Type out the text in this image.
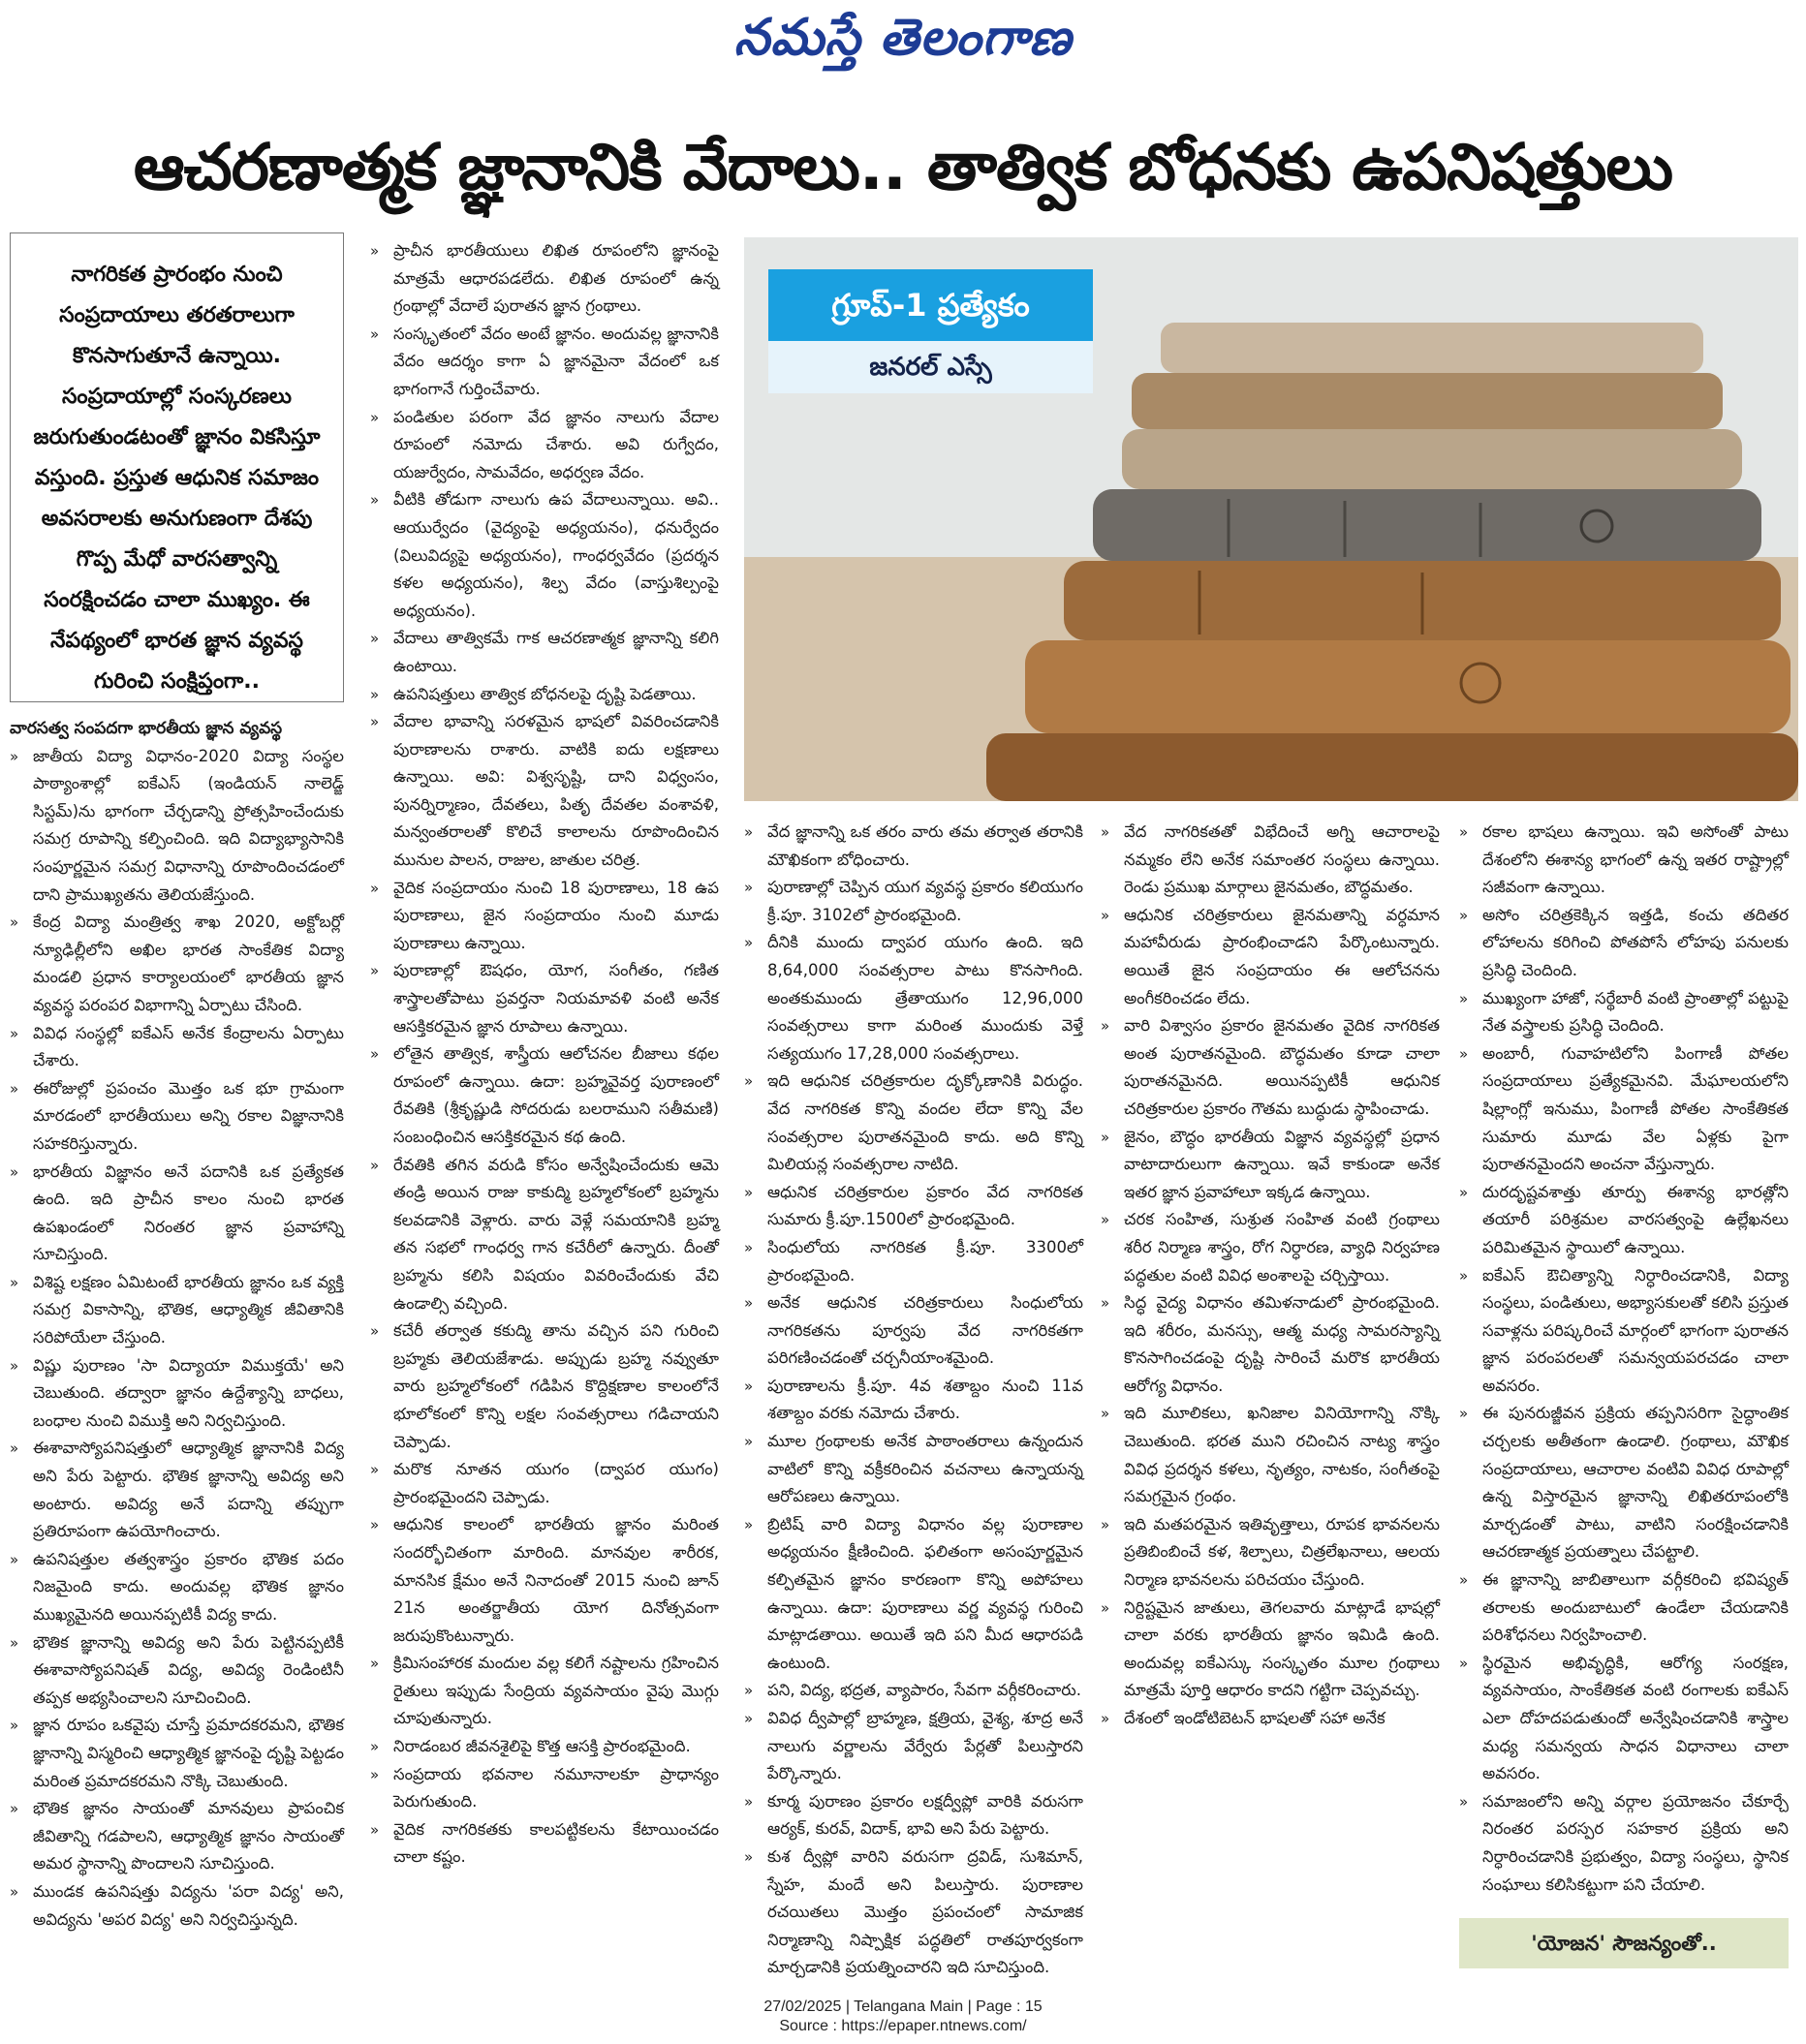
నమస్తే తెలంగాణ
ఆచరణాత్మక జ్ఞానానికి వేదాలు.. తాత్విక బోధనకు ఉపనిషత్తులు

నాగరికత ప్రారంభం నుంచి సంప్రదాయాలు తరతరాలుగా కొనసాగుతూనే ఉన్నాయి. సంప్రదాయాల్లో సంస్కరణలు జరుగుతుండటంతో జ్ఞానం వికసిస్తూ వస్తుంది. ప్రస్తుత ఆధునిక సమాజం అవసరాలకు అనుగుణంగా దేశపు గొప్ప మేధో వారసత్వాన్ని సంరక్షించడం చాలా ముఖ్యం. ఈ నేపథ్యంలో భారత జ్ఞాన వ్యవస్థ గురించి సంక్షిప్తంగా..

గ్రూప్-1 ప్రత్యేకం
జనరల్ ఎస్సే
వారసత్వ సంపదగా భారతీయ జ్ఞాన వ్యవస్థ
» జాతీయ విద్యా విధానం-2020 విద్యా సంస్థల పాఠ్యాంశాల్లో ఐకేఎస్ (ఇండియన్ నాలెడ్జ్ సిస్టమ్)ను భాగంగా చేర్చడాన్ని ప్రోత్సహించేందుకు సమగ్ర రూపాన్ని కల్పించింది. ఇది విద్యాభ్యాసానికి సంపూర్ణమైన సమగ్ర విధానాన్ని రూపొందించడంలో దాని ప్రాముఖ్యతను తెలియజేస్తుంది.
» కేంద్ర విద్యా మంత్రిత్వ శాఖ 2020, అక్టోబర్లో న్యూఢిల్లీలోని అఖిల భారత సాంకేతిక విద్యా మండలి ప్రధాన కార్యాలయంలో భారతీయ జ్ఞాన వ్యవస్థ పరంపర విభాగాన్ని ఏర్పాటు చేసింది.
» వివిధ సంస్థల్లో ఐకేఎస్ అనేక కేంద్రాలను ఏర్పాటు చేశారు.
» ఈరోజుల్లో ప్రపంచం మొత్తం ఒక భూ గ్రామంగా మారడంలో భారతీయులు అన్ని రకాల విజ్ఞానానికి సహకరిస్తున్నారు.
» భారతీయ విజ్ఞానం అనే పదానికి ఒక ప్రత్యేకత ఉంది. ఇది ప్రాచీన కాలం నుంచి భారత ఉపఖండంలో నిరంతర జ్ఞాన ప్రవాహాన్ని సూచిస్తుంది.
» విశిష్ట లక్షణం ఏమిటంటే భారతీయ జ్ఞానం ఒక వ్యక్తి సమగ్ర వికాసాన్ని, భౌతిక, ఆధ్యాత్మిక జీవితానికి సరిపోయేలా చేస్తుంది.
» విష్ణు పురాణం 'సా విద్యాయా విముక్తయే' అని చెబుతుంది. తద్వారా జ్ఞానం ఉద్దేశ్యాన్ని బాధలు, బంధాల నుంచి విముక్తి అని నిర్వచిస్తుంది.
» ఈశావాస్యోపనిషత్తులో ఆధ్యాత్మిక జ్ఞానానికి విద్య అని పేరు పెట్టారు. భౌతిక జ్ఞానాన్ని అవిద్య అని అంటారు. అవిద్య అనే పదాన్ని తప్పుగా ప్రతిరూపంగా ఉపయోగించారు.
» ఉపనిషత్తుల తత్వశాస్త్రం ప్రకారం భౌతిక పదం నిజమైంది కాదు. అందువల్ల భౌతిక జ్ఞానం ముఖ్యమైనది అయినప్పటికీ విద్య కాదు.
» భౌతిక జ్ఞానాన్ని అవిద్య అని పేరు పెట్టినప్పటికీ ఈశావాస్యోపనిషత్ విద్య, అవిద్య రెండింటినీ తప్పక అభ్యసించాలని సూచించింది.
» జ్ఞాన రూపం ఒకవైపు చూస్తే ప్రమాదకరమని, భౌతిక జ్ఞానాన్ని విస్మరించి ఆధ్యాత్మిక జ్ఞానంపై దృష్టి పెట్టడం మరింత ప్రమాదకరమని నొక్కి చెబుతుంది.
» భౌతిక జ్ఞానం సాయంతో మానవులు ప్రాపంచిక జీవితాన్ని గడపాలని, ఆధ్యాత్మిక జ్ఞానం సాయంతో అమర స్థానాన్ని పొందాలని సూచిస్తుంది.
» ముండక ఉపనిషత్తు విద్యను 'పరా విద్య' అని, అవిద్యను 'అపర విద్య' అని నిర్వచిస్తున్నది.
» ప్రాచీన భారతీయులు లిఖిత రూపంలోని జ్ఞానంపై మాత్రమే ఆధారపడలేదు. లిఖిత రూపంలో ఉన్న గ్రంథాల్లో వేదాలే పురాతన జ్ఞాన గ్రంథాలు.
» సంస్కృతంలో వేదం అంటే జ్ఞానం. అందువల్ల జ్ఞానానికి వేదం ఆదర్శం కాగా ఏ జ్ఞానమైనా వేదంలో ఒక భాగంగానే గుర్తించేవారు.
» పండితుల పరంగా వేద జ్ఞానం నాలుగు వేదాల రూపంలో నమోదు చేశారు. అవి రుగ్వేదం, యజుర్వేదం, సామవేదం, అధర్వణ వేదం.
» వీటికి తోడుగా నాలుగు ఉప వేదాలున్నాయి. అవి.. ఆయుర్వేదం (వైద్యంపై అధ్యయనం), ధనుర్వేదం (విలువిద్యపై అధ్యయనం), గాంధర్వవేదం (ప్రదర్శన కళల అధ్యయనం), శిల్ప వేదం (వాస్తుశిల్పంపై అధ్యయనం).
» వేదాలు తాత్వికమే గాక ఆచరణాత్మక జ్ఞానాన్ని కలిగి ఉంటాయి.
» ఉపనిషత్తులు తాత్విక బోధనలపై దృష్టి పెడతాయి.
» వేదాల భావాన్ని సరళమైన భాషలో వివరించడానికి పురాణాలను రాశారు. వాటికి ఐదు లక్షణాలు ఉన్నాయి. అవి: విశ్వసృష్టి, దాని విధ్వంసం, పునర్నిర్మాణం, దేవతలు, పితృ దేవతల వంశావళి, మన్వంతరాలతో కొలిచే కాలాలను రూపొందించిన మునుల పాలన, రాజుల, జాతుల చరిత్ర.
» వైదిక సంప్రదాయం నుంచి 18 పురాణాలు, 18 ఉప పురాణాలు, జైన సంప్రదాయం నుంచి మూడు పురాణాలు ఉన్నాయి.
» పురాణాల్లో ఔషధం, యోగ, సంగీతం, గణిత శాస్త్రాలతోపాటు ప్రవర్తనా నియమావళి వంటి అనేక ఆసక్తికరమైన జ్ఞాన రూపాలు ఉన్నాయి.
» లోతైన తాత్విక, శాస్త్రీయ ఆలోచనల బీజాలు కథల రూపంలో ఉన్నాయి. ఉదా: బ్రహ్మవైవర్త పురాణంలో రేవతికి (శ్రీకృష్ణుడి సోదరుడు బలరాముని సతీమణి) సంబంధించిన ఆసక్తికరమైన కథ ఉంది.
» రేవతికి తగిన వరుడి కోసం అన్వేషించేందుకు ఆమె తండ్రి అయిన రాజు కాకుద్మి బ్రహ్మలోకంలో బ్రహ్మను కలవడానికి వెళ్లారు. వారు వెళ్లే సమయానికి బ్రహ్మ తన సభలో గాంధర్వ గాన కచేరీలో ఉన్నారు. దీంతో బ్రహ్మను కలిసి విషయం వివరించేందుకు వేచి ఉండాల్సి వచ్చింది.
» కచేరీ తర్వాత కకుద్మి తాను వచ్చిన పని గురించి బ్రహ్మకు తెలియజేశాడు. అప్పుడు బ్రహ్మ నవ్వుతూ వారు బ్రహ్మలోకంలో గడిపిన కొద్దిక్షణాల కాలంలోనే భూలోకంలో కొన్ని లక్షల సంవత్సరాలు గడిచాయని చెప్పాడు.
» మరొక నూతన యుగం (ద్వాపర యుగం) ప్రారంభమైందని చెప్పాడు.
» ఆధునిక కాలంలో భారతీయ జ్ఞానం మరింత సందర్భోచితంగా మారింది. మానవుల శారీరక, మానసిక క్షేమం అనే నినాదంతో 2015 నుంచి జూన్ 21న అంతర్జాతీయ యోగ దినోత్సవంగా జరుపుకొంటున్నారు.
» క్రిమిసంహారక మందుల వల్ల కలిగే నష్టాలను గ్రహించిన రైతులు ఇప్పుడు సేంద్రియ వ్యవసాయం వైపు మొగ్గు చూపుతున్నారు.
» నిరాడంబర జీవనశైలిపై కొత్త ఆసక్తి ప్రారంభమైంది.
» సంప్రదాయ భవనాల నమూనాలకూ ప్రాధాన్యం పెరుగుతుంది.
» వైదిక నాగరికతకు కాలపట్టికలను కేటాయించడం చాలా కష్టం.
» వేద జ్ఞానాన్ని ఒక తరం వారు తమ తర్వాత తరానికి మౌఖికంగా బోధించారు.
» పురాణాల్లో చెప్పిన యుగ వ్యవస్థ ప్రకారం కలియుగం క్రీ.పూ. 3102లో ప్రారంభమైంది.
» దీనికి ముందు ద్వాపర యుగం ఉంది. ఇది 8,64,000 సంవత్సరాల పాటు కొనసాగింది. అంతకుముందు త్రేతాయుగం 12,96,000 సంవత్సరాలు కాగా మరింత ముందుకు వెళ్తే సత్యయుగం 17,28,000 సంవత్సరాలు.
» ఇది ఆధునిక చరిత్రకారుల దృక్కోణానికి విరుద్ధం. వేద నాగరికత కొన్ని వందల లేదా కొన్ని వేల సంవత్సరాల పురాతనమైంది కాదు. అది కొన్ని మిలియన్ల సంవత్సరాల నాటిది.
» ఆధునిక చరిత్రకారుల ప్రకారం వేద నాగరికత సుమారు క్రీ.పూ.1500లో ప్రారంభమైంది.
» సింధులోయ నాగరికత క్రీ.పూ. 3300లో ప్రారంభమైంది.
» అనేక ఆధునిక చరిత్రకారులు సింధులోయ నాగరికతను పూర్వపు వేద నాగరికతగా పరిగణించడంతో చర్చనీయాంశమైంది.
» పురాణాలను క్రీ.పూ. 4వ శతాబ్దం నుంచి 11వ శతాబ్దం వరకు నమోదు చేశారు.
» మూల గ్రంథాలకు అనేక పాఠాంతరాలు ఉన్నందున వాటిలో కొన్ని వక్రీకరించిన వచనాలు ఉన్నాయన్న ఆరోపణలు ఉన్నాయి.
» బ్రిటిష్ వారి విద్యా విధానం వల్ల పురాణాల అధ్యయనం క్షీణించింది. ఫలితంగా అసంపూర్ణమైన కల్పితమైన జ్ఞానం కారణంగా కొన్ని అపోహలు ఉన్నాయి. ఉదా: పురాణాలు వర్ణ వ్యవస్థ గురించి మాట్లాడతాయి. అయితే ఇది పని మీద ఆధారపడి ఉంటుంది.
» పని, విద్య, భద్రత, వ్యాపారం, సేవగా వర్గీకరించారు.
» వివిధ ద్వీపాల్లో బ్రాహ్మణ, క్షత్రియ, వైశ్య, శూద్ర అనే నాలుగు వర్ణాలను వేర్వేరు పేర్లతో పిలుస్తారని పేర్కొన్నారు.
» కూర్మ పురాణం ప్రకారం లక్షద్వీప్లో వారికి వరుసగా ఆర్యక్, కురవ్, విదాక్, భావి అని పేరు పెట్టారు.
» కుశ ద్వీప్లో వారిని వరుసగా ద్రవిడ్, సుశిమాన్, స్నేహ, మందే అని పిలుస్తారు. పురాణాల రచయితలు మొత్తం ప్రపంచంలో సామాజిక నిర్మాణాన్ని నిష్పాక్షిక పద్ధతిలో రాతపూర్వకంగా మార్చడానికి ప్రయత్నించారని ఇది సూచిస్తుంది.
» వేద నాగరికతతో విభేదించే అగ్ని ఆచారాలపై నమ్మకం లేని అనేక సమాంతర సంస్థలు ఉన్నాయి. రెండు ప్రముఖ మార్గాలు జైనమతం, బౌద్ధమతం.
» ఆధునిక చరిత్రకారులు జైనమతాన్ని వర్ధమాన మహావీరుడు ప్రారంభించాడని పేర్కొంటున్నారు. అయితే జైన సంప్రదాయం ఈ ఆలోచనను అంగీకరించడం లేదు.
» వారి విశ్వాసం ప్రకారం జైనమతం వైదిక నాగరికత అంత పురాతనమైంది. బౌద్ధమతం కూడా చాలా పురాతనమైనది. అయినప్పటికీ ఆధునిక చరిత్రకారుల ప్రకారం గౌతమ బుద్ధుడు స్థాపించాడు.
» జైనం, బౌద్ధం భారతీయ విజ్ఞాన వ్యవస్థల్లో ప్రధాన వాటాదారులుగా ఉన్నాయి. ఇవే కాకుండా అనేక ఇతర జ్ఞాన ప్రవాహాలూ ఇక్కడ ఉన్నాయి.
» చరక సంహిత, సుశ్రుత సంహిత వంటి గ్రంథాలు శరీర నిర్మాణ శాస్త్రం, రోగ నిర్ధారణ, వ్యాధి నిర్వహణ పద్ధతుల వంటి వివిధ అంశాలపై చర్చిస్తాయి.
» సిద్ధ వైద్య విధానం తమిళనాడులో ప్రారంభమైంది. ఇది శరీరం, మనస్సు, ఆత్మ మధ్య సామరస్యాన్ని కొనసాగించడంపై దృష్టి సారించే మరొక భారతీయ ఆరోగ్య విధానం.
» ఇది మూలికలు, ఖనిజాల వినియోగాన్ని నొక్కి చెబుతుంది. భరత ముని రచించిన నాట్య శాస్త్రం వివిధ ప్రదర్శన కళలు, నృత్యం, నాటకం, సంగీతంపై సమగ్రమైన గ్రంథం.
» ఇది మతపరమైన ఇతివృత్తాలు, రూపక భావనలను ప్రతిబింబించే కళ, శిల్పాలు, చిత్రలేఖనాలు, ఆలయ నిర్మాణ భావనలను పరిచయం చేస్తుంది.
» నిర్దిష్టమైన జాతులు, తెగలవారు మాట్లాడే భాషల్లో చాలా వరకు భారతీయ జ్ఞానం ఇమిడి ఉంది. అందువల్ల ఐకేఎస్కు సంస్కృతం మూల గ్రంథాలు మాత్రమే పూర్తి ఆధారం కాదని గట్టిగా చెప్పవచ్చు.
» దేశంలో ఇండోటిబెటన్ భాషలతో సహా అనేక
» రకాల భాషలు ఉన్నాయి. ఇవి అసోంతో పాటు దేశంలోని ఈశాన్య భాగంలో ఉన్న ఇతర రాష్ట్రాల్లో సజీవంగా ఉన్నాయి.
» అసోం చరిత్రకెక్కిన ఇత్తడి, కంచు తదితర లోహాలను కరిగించి పోతపోసే లోహపు పనులకు ప్రసిద్ధి చెందింది.
» ముఖ్యంగా హాజో, సర్థేబారీ వంటి ప్రాంతాల్లో పట్టుపై నేత వస్త్రాలకు ప్రసిద్ధి చెందింది.
» అంబారీ, గువాహటిలోని పింగాణీ పోతల సంప్రదాయాలు ప్రత్యేకమైనవి. మేఘాలయలోని షిల్లాంగ్లో ఇనుము, పింగాణీ పోతల సాంకేతికత సుమారు మూడు వేల ఏళ్లకు పైగా పురాతనమైందని అంచనా వేస్తున్నారు.
» దురదృష్టవశాత్తు తూర్పు ఈశాన్య భారత్లోని తయారీ పరిశ్రమల వారసత్వంపై ఉల్లేఖనలు పరిమితమైన స్థాయిలో ఉన్నాయి.
» ఐకేఎస్ ఔచిత్యాన్ని నిర్ధారించడానికి, విద్యా సంస్థలు, పండితులు, అభ్యాసకులతో కలిసి ప్రస్తుత సవాళ్లను పరిష్కరించే మార్గంలో భాగంగా పురాతన జ్ఞాన పరంపరలతో సమన్వయపరచడం చాలా అవసరం.
» ఈ పునరుజ్జీవన ప్రక్రియ తప్పనిసరిగా సైద్ధాంతిక చర్చలకు అతీతంగా ఉండాలి. గ్రంథాలు, మౌఖిక సంప్రదాయాలు, ఆచారాల వంటివి వివిధ రూపాల్లో ఉన్న విస్తారమైన జ్ఞానాన్ని లిఖితరూపంలోకి మార్చడంతో పాటు, వాటిని సంరక్షించడానికి ఆచరణాత్మక ప్రయత్నాలు చేపట్టాలి.
» ఈ జ్ఞానాన్ని జాబితాలుగా వర్గీకరించి భవిష్యత్ తరాలకు అందుబాటులో ఉండేలా చేయడానికి పరిశోధనలు నిర్వహించాలి.
» స్థిరమైన అభివృద్ధికి, ఆరోగ్య సంరక్షణ, వ్యవసాయం, సాంకేతికత వంటి రంగాలకు ఐకేఎస్ ఎలా దోహదపడుతుందో అన్వేషించడానికి శాస్త్రాల మధ్య సమన్వయ సాధన విధానాలు చాలా అవసరం.
» సమాజంలోని అన్ని వర్గాల ప్రయోజనం చేకూర్చే నిరంతర పరస్పర సహకార ప్రక్రియ అని నిర్ధారించడానికి ప్రభుత్వం, విద్యా సంస్థలు, స్థానిక సంఘాలు కలిసికట్టుగా పని చేయాలి.
'యోజన' సౌజన్యంతో..
27/02/2025 | Telangana Main | Page : 15
Source : https://epaper.ntnews.com/
